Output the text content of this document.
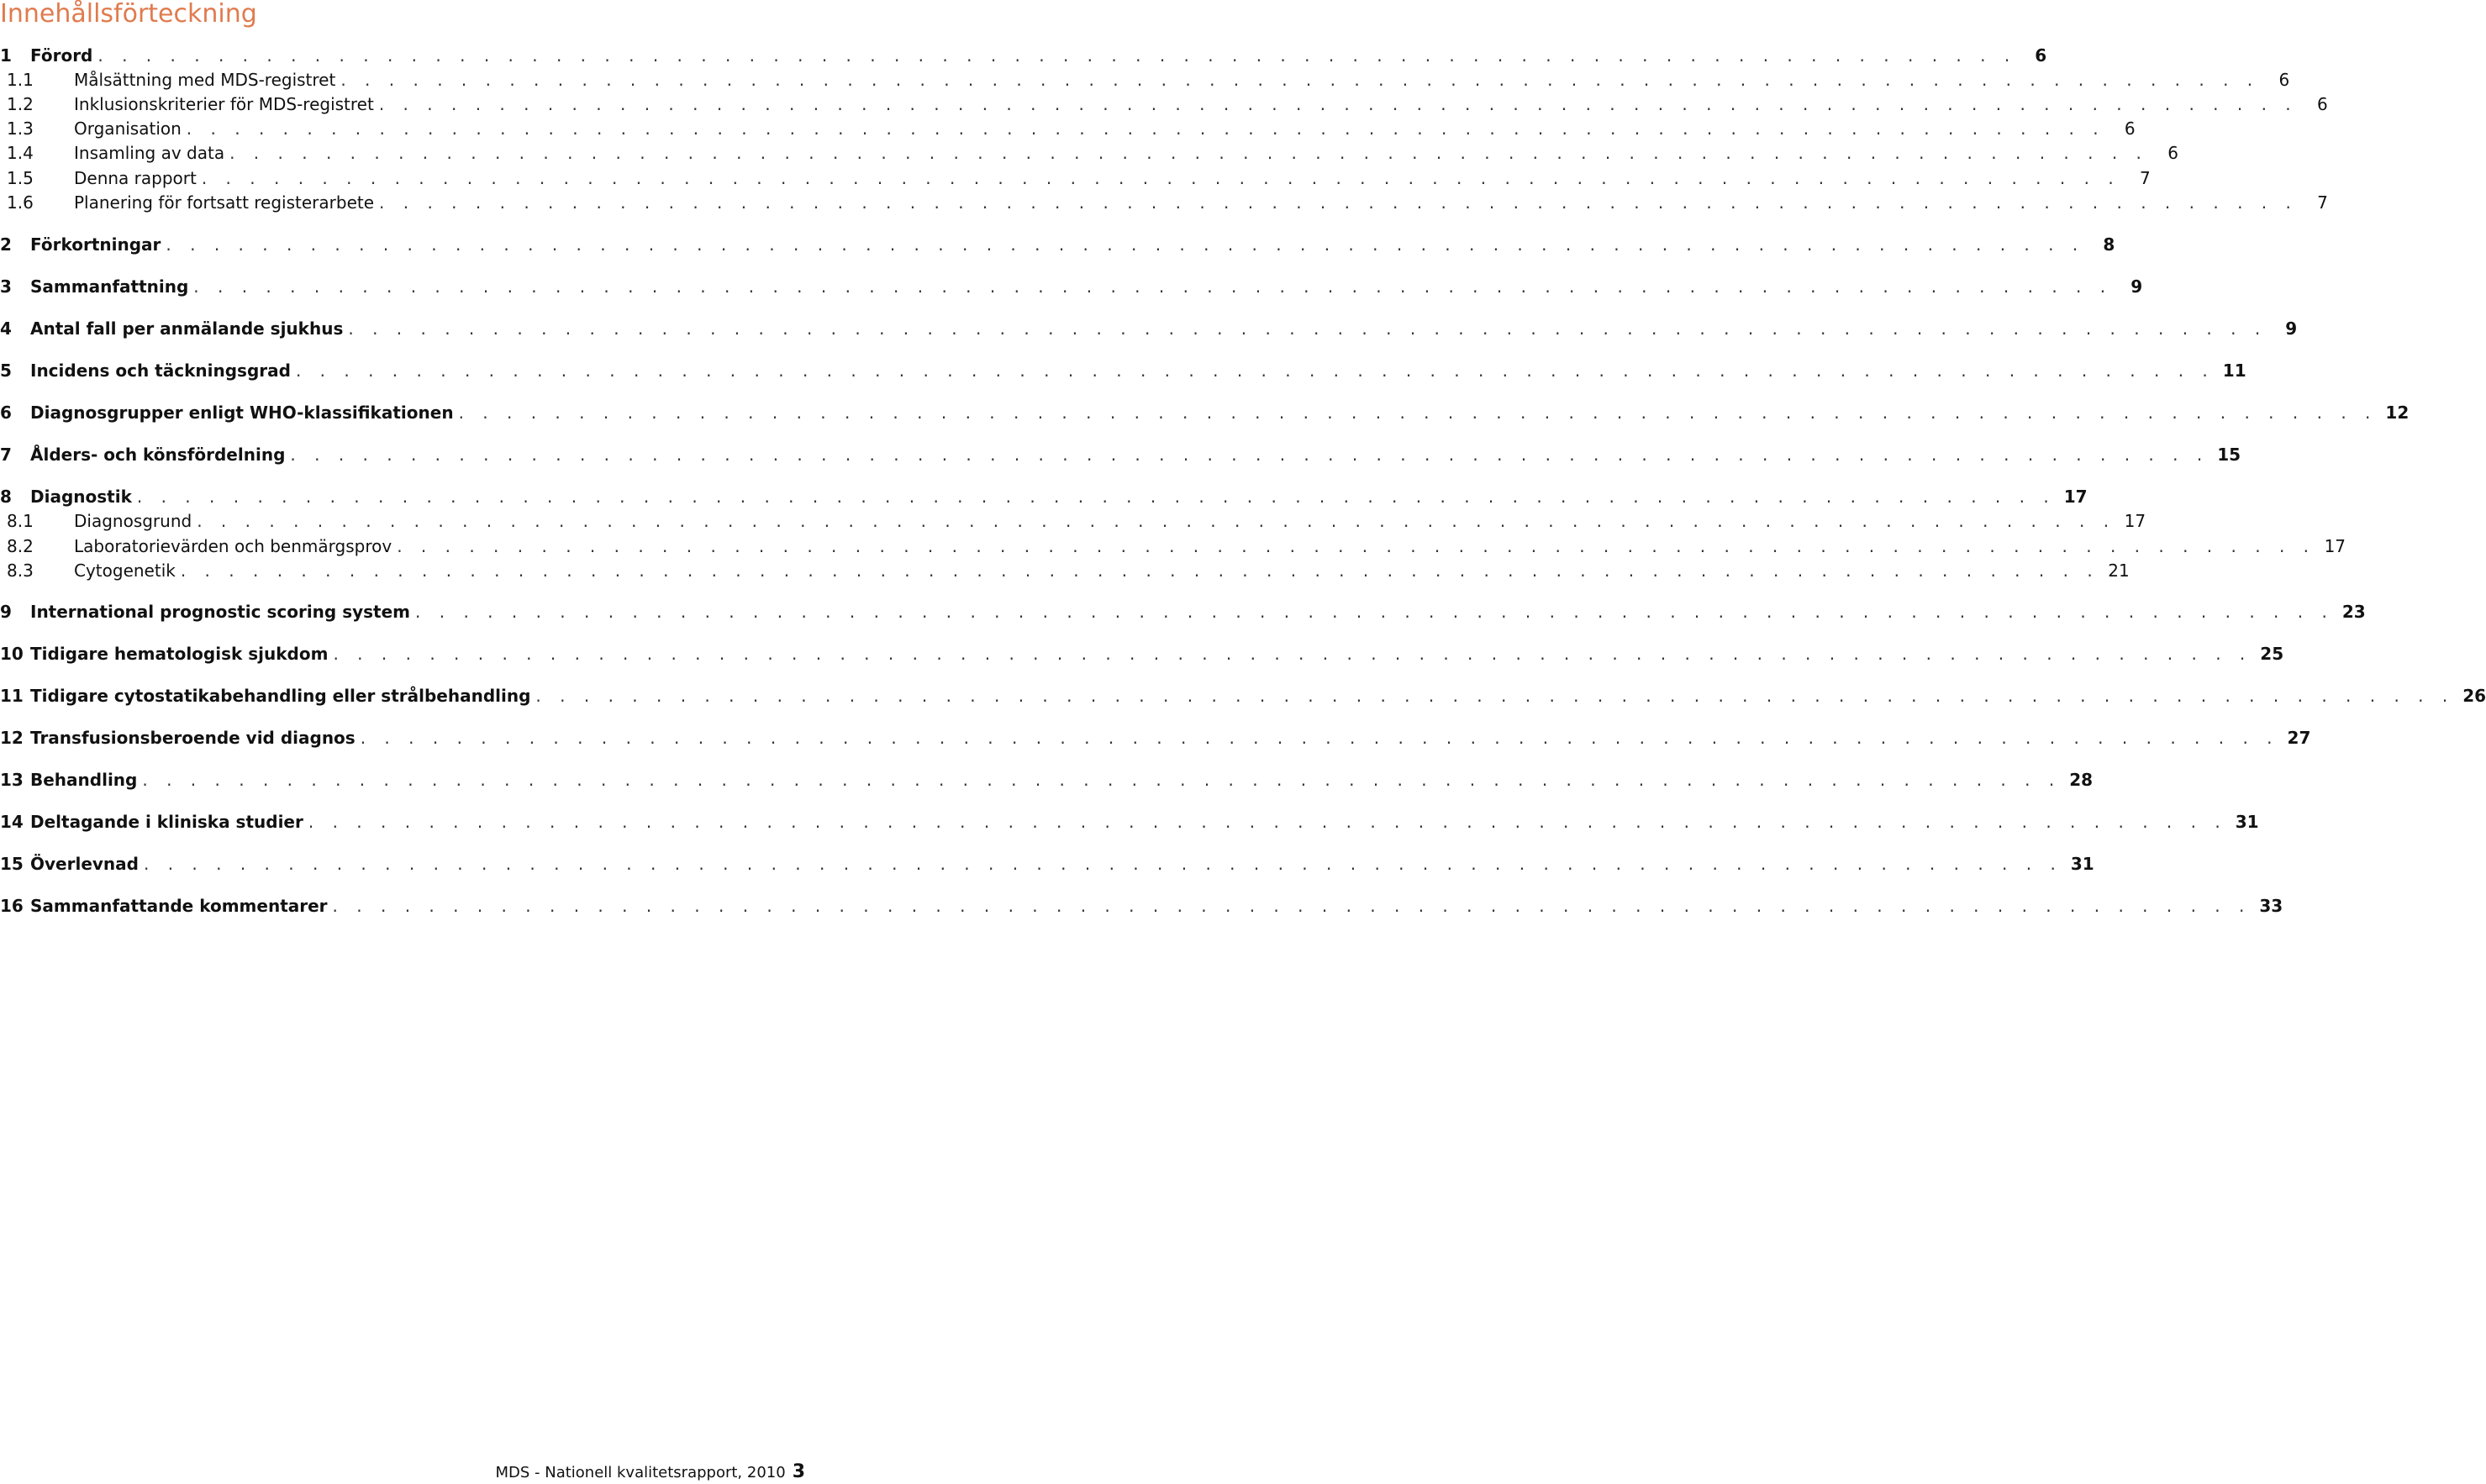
Innehållsförteckning
1	Förord . . . . . . . . . . . . . . . . . . . . . . . . . . . . . . . . . . . . . . . . . . . . . . . . . . . . . . . . . . . . . . . . . . . . . . . . . . . . . . . .	6
1.1	Målsättning med MDS-registret . . . . . . . . . . . . . . . . . . . . . . . . . . . . . . . . . . . . . . . . . . . . . . . . . . . . . . . . . . . . . . . . . . . . . . . . . . . . . . . .	6
1.2	Inklusionskriterier för MDS-registret . . . . . . . . . . . . . . . . . . . . . . . . . . . . . . . . . . . . . . . . . . . . . . . . . . . . . . . . . . . . . . . . . . . . . . . . . . . . . . . .	6
1.3	Organisation . . . . . . . . . . . . . . . . . . . . . . . . . . . . . . . . . . . . . . . . . . . . . . . . . . . . . . . . . . . . . . . . . . . . . . . . . . . . . . . .	6
1.4	Insamling av data . . . . . . . . . . . . . . . . . . . . . . . . . . . . . . . . . . . . . . . . . . . . . . . . . . . . . . . . . . . . . . . . . . . . . . . . . . . . . . . .	6
1.5	Denna rapport . . . . . . . . . . . . . . . . . . . . . . . . . . . . . . . . . . . . . . . . . . . . . . . . . . . . . . . . . . . . . . . . . . . . . . . . . . . . . . . .	7
1.6	Planering för fortsatt registerarbete . . . . . . . . . . . . . . . . . . . . . . . . . . . . . . . . . . . . . . . . . . . . . . . . . . . . . . . . . . . . . . . . . . . . . . . . . . . . . . . .	7
2	Förkortningar . . . . . . . . . . . . . . . . . . . . . . . . . . . . . . . . . . . . . . . . . . . . . . . . . . . . . . . . . . . . . . . . . . . . . . . . . . . . . . . .	8
3	Sammanfattning . . . . . . . . . . . . . . . . . . . . . . . . . . . . . . . . . . . . . . . . . . . . . . . . . . . . . . . . . . . . . . . . . . . . . . . . . . . . . . . .	9
4	Antal fall per anmälande sjukhus . . . . . . . . . . . . . . . . . . . . . . . . . . . . . . . . . . . . . . . . . . . . . . . . . . . . . . . . . . . . . . . . . . . . . . . . . . . . . . . .	9
5	Incidens och täckningsgrad . . . . . . . . . . . . . . . . . . . . . . . . . . . . . . . . . . . . . . . . . . . . . . . . . . . . . . . . . . . . . . . . . . . . . . . . . . . . . . . . 11
6	Diagnosgrupper enligt WHO-klassifikationen . . . . . . . . . . . . . . . . . . . . . . . . . . . . . . . . . . . . . . . . . . . . . . . . . . . . . . . . . . . . . . . . . . . . . . . . . . . . . . . . 12
7	Ålders- och könsfördelning . . . . . . . . . . . . . . . . . . . . . . . . . . . . . . . . . . . . . . . . . . . . . . . . . . . . . . . . . . . . . . . . . . . . . . . . . . . . . . . . 15
8	Diagnostik . . . . . . . . . . . . . . . . . . . . . . . . . . . . . . . . . . . . . . . . . . . . . . . . . . . . . . . . . . . . . . . . . . . . . . . . . . . . . . . . 17
8.1	Diagnosgrund . . . . . . . . . . . . . . . . . . . . . . . . . . . . . . . . . . . . . . . . . . . . . . . . . . . . . . . . . . . . . . . . . . . . . . . . . . . . . . . . 17
8.2	Laboratorievärden och benmärgsprov . . . . . . . . . . . . . . . . . . . . . . . . . . . . . . . . . . . . . . . . . . . . . . . . . . . . . . . . . . . . . . . . . . . . . . . . . . . . . . . . 17
8.3	Cytogenetik . . . . . . . . . . . . . . . . . . . . . . . . . . . . . . . . . . . . . . . . . . . . . . . . . . . . . . . . . . . . . . . . . . . . . . . . . . . . . . . . 21
9	International prognostic scoring system . . . . . . . . . . . . . . . . . . . . . . . . . . . . . . . . . . . . . . . . . . . . . . . . . . . . . . . . . . . . . . . . . . . . . . . . . . . . . . . . 23
10 Tidigare hematologisk sjukdom . . . . . . . . . . . . . . . . . . . . . . . . . . . . . . . . . . . . . . . . . . . . . . . . . . . . . . . . . . . . . . . . . . . . . . . . . . . . . . . . 25
11 Tidigare cytostatikabehandling eller strålbehandling . . . . . . . . . . . . . . . . . . . . . . . . . . . . . . . . . . . . . . . . . . . . . . . . . . . . . . . . . . . . . . . . . . . . . . . . . . . . . . . . 26
12 Transfusionsberoende vid diagnos . . . . . . . . . . . . . . . . . . . . . . . . . . . . . . . . . . . . . . . . . . . . . . . . . . . . . . . . . . . . . . . . . . . . . . . . . . . . . . . . 27
13 Behandling . . . . . . . . . . . . . . . . . . . . . . . . . . . . . . . . . . . . . . . . . . . . . . . . . . . . . . . . . . . . . . . . . . . . . . . . . . . . . . . . 28
14 Deltagande i kliniska studier . . . . . . . . . . . . . . . . . . . . . . . . . . . . . . . . . . . . . . . . . . . . . . . . . . . . . . . . . . . . . . . . . . . . . . . . . . . . . . . . 31
15 Överlevnad . . . . . . . . . . . . . . . . . . . . . . . . . . . . . . . . . . . . . . . . . . . . . . . . . . . . . . . . . . . . . . . . . . . . . . . . . . . . . . . . 31
16 Sammanfattande kommentarer . . . . . . . . . . . . . . . . . . . . . . . . . . . . . . . . . . . . . . . . . . . . . . . . . . . . . . . . . . . . . . . . . . . . . . . . . . . . . . . . 33
MDS - Nationell kvalitetsrapport, 2010 3
